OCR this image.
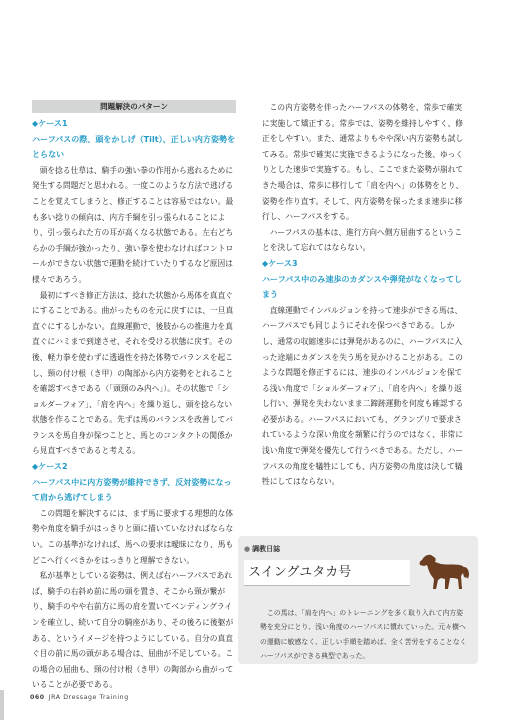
問題解決のパターン
◆ケース1
ハーフパスの際、頭をかしげ（Tilt）、正しい内方姿勢をとらない

頭を捻る仕草は、騎手の強い拳の作用から逃れるために発生する問題だと思われる。一度このような方法で逃げることを覚えてしまうと、修正することは容易ではない。最も多い捻りの傾向は、内方手綱を引っ張られることにより、引っ張られた方の耳が高くなる状態である。左右どちらかの手綱が強かったり、強い拳を使わなければコントロールができない状態で運動を続けていたりするなど原因は様々であろう。

最初にすべき修正方法は、捻れた状態から馬体を真直ぐにすることである。曲がったものを元に戻すには、一旦真直ぐにするしかない。直線運動で、後肢からの推進力を真直ぐにハミまで到達させ、それを受ける状態に戻す。その後、軽力拳を使わずに透過性を持た体勢でバランスを起こし、頸の付け根（き甲）の陶部から内方姿勢をとれることを確認すべきである（「頭頸のみ内へ」）。その状態で「ショルダーフォア」、「肩を内へ」を繰り返し、頭を捻らない状態を作ることである。先ずは馬のバランスを改善してバランスを馬自身が保つことと、馬とのコンタクトの関係から見直すべきであると考える。

◆ケース2
ハーフパス中に内方姿勢が維持できず、反対姿勢になって肩から逃げてしまう

この問題を解決するには、まず馬に要求する理想的な体勢や角度を騎手がはっきりと頭に描いていなければならない。この基準がなければ、馬への要求は曖昧になり、馬もどこへ行くべきかをはっきりと理解できない。

私が基準としている姿勢は、例えば右ハーフパスであれば、騎手の右斜め前に馬の頭を置き、そこから頸が繋がり、騎手のやや右前方に馬の肩を置いてベンディングラインを確立し、続いて自分の騎座があり、その後ろに後躯がある、というイメージを持つようにしている。自分の真直ぐ目の前に馬の頭がある場合は、屈曲が不足している。この場合の屈曲も、頸の付け根（き甲）の陶部から曲がっていることが必要である。

この内方姿勢を伴ったハーフパスの体勢を、常歩で確実に実施して矯正する。常歩では、姿勢を維持しやすく、修正をしやすい。また、通常よりもやや深い内方姿勢も試してみる。常歩で確実に実施できるようになった後、ゆっくりとした速歩で実施する。もし、ここでまた姿勢が崩れてきた場合は、常歩に移行して「肩を内へ」の体勢をとり、姿勢を作り直す。そして、内方姿勢を保ったまま速歩に移行し、ハーフパスをする。

ハーフパスの基本は、進行方向へ側方屈曲するということを決して忘れてはならない。

◆ケース3
ハーフパス中のみ速歩のカダンスや弾発がなくなってしまう

直線運動でインパルジョンを持って速歩ができる馬は、ハーフパスでも同じようにそれを保つべきである。しかし、通常の収縮速歩には弾発があるのに、ハーフパスに入った途端にカダンスを失う馬を見かけることがある。このような問題を修正するには、速歩のインパルジョンを保てる浅い角度で「ショルダーフォア」、「肩を内へ」を繰り返し行い、弾発を失わないまま二蹄跡運動を何度も確認する必要がある。ハーフパスにおいても、グランプリで要求されているような深い角度を頻繁に行うのではなく、非常に浅い角度で弾発を優先して行うべきである。ただし、ハーフパスの角度を犠牲にしても、内方姿勢の角度は決して犠牲にしてはならない。

● 調教日誌
スイングユタカ号
この馬は、「肩を内へ」のトレーニングを多く取り入れて内方姿勢を充分にとり、浅い角度のハーフパスに慣れていった。元々横への運動に敏感なく、正しい手順を踏めば、全く苦労をすることなくハーフパスができる典型であった。
060 JRA Dressage Training
